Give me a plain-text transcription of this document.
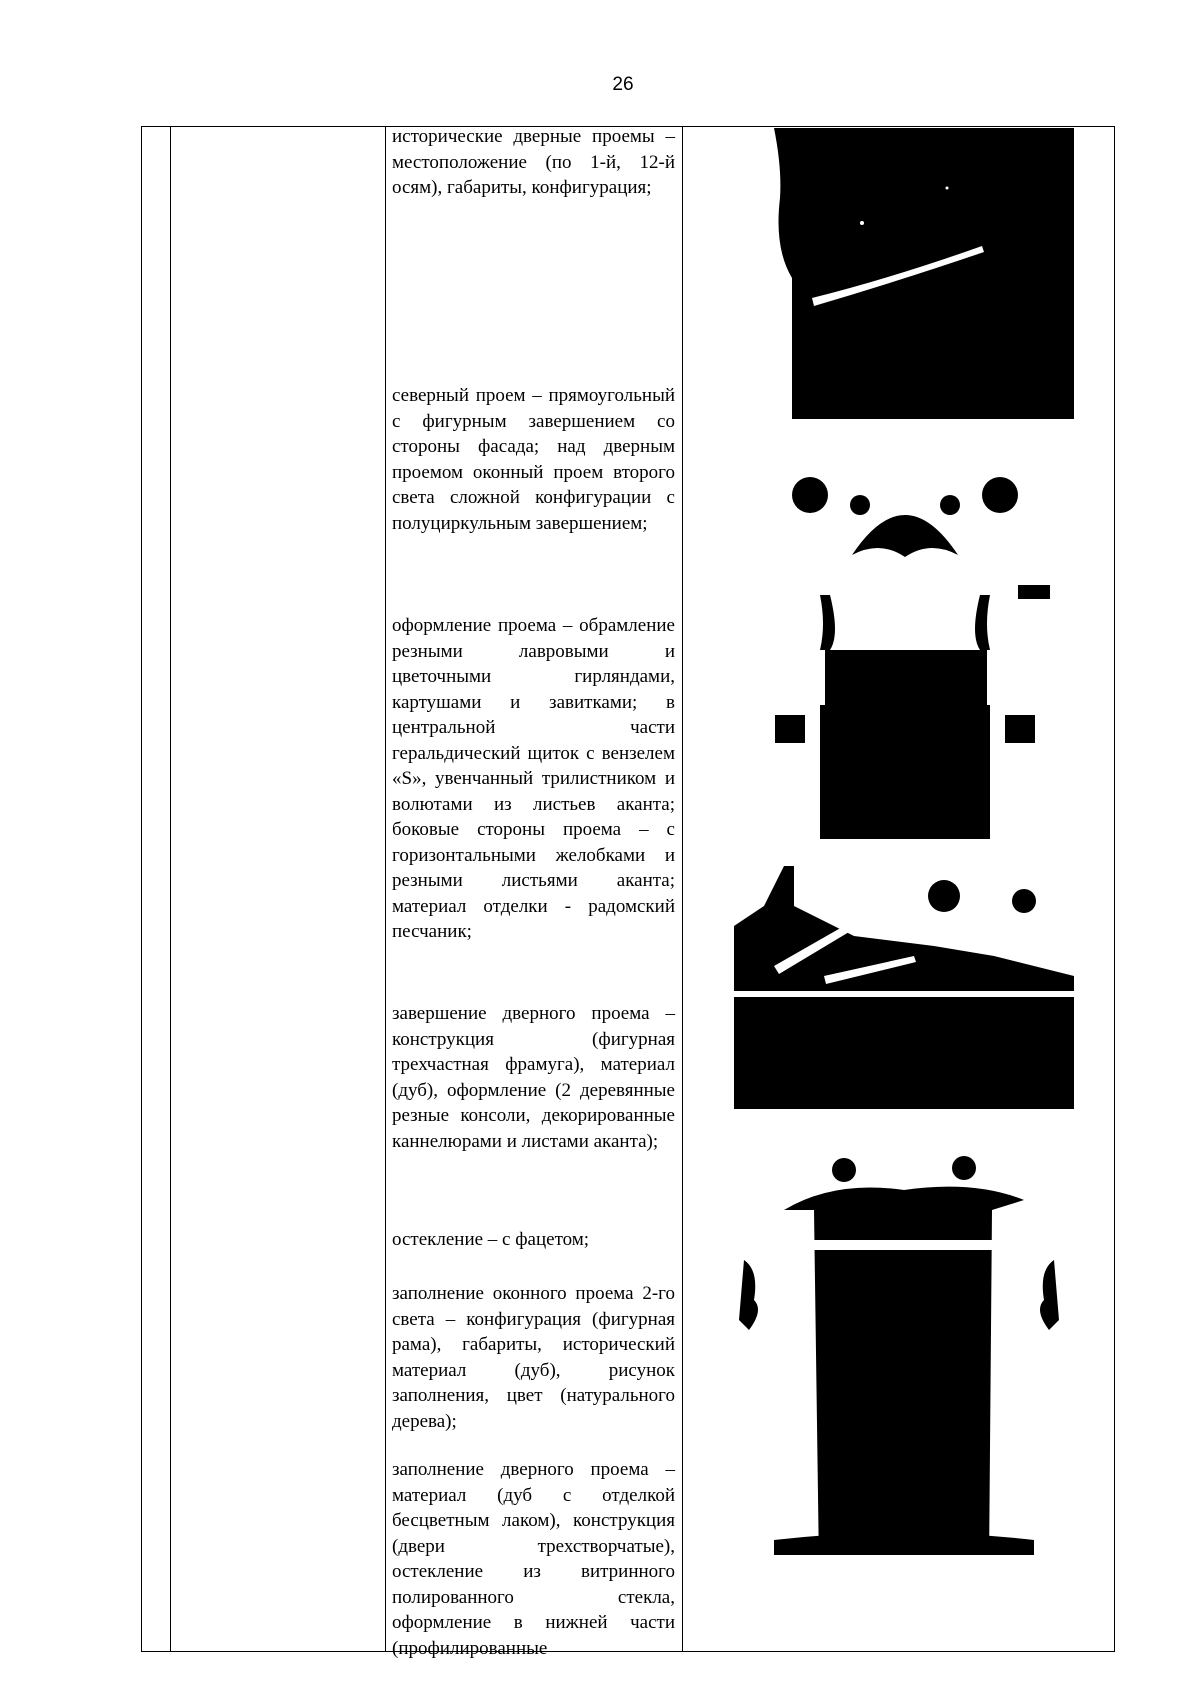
26

исторические дверные проемы – местоположение (по 1-й, 12-й осям), габариты, конфигурация;

северный проем – прямоугольный с фигурным завершением со стороны фасада; над дверным проемом оконный проем второго света сложной конфигурации с полуциркульным завершением;

оформление проема – обрамление резными лавровыми и цветочными гирляндами, картушами и завитками; в центральной части геральдический щиток с вензелем «S», увенчанный трилистником и волютами из листьев аканта; боковые стороны проема – с горизонтальными желобками и резными листьями аканта; материал отделки - радомский песчаник;

завершение дверного проема –конструкция (фигурная трехчастная фрамуга), материал (дуб), оформление (2 деревянные резные консоли, декорированные каннелюрами и листами аканта);

остекление – с фацетом;

заполнение оконного проема 2-го света – конфигурация (фигурная рама), габариты, исторический материал (дуб), рисунок заполнения, цвет (натурального дерева);

заполнение дверного проема – материал (дуб с отделкой бесцветным лаком), конструкция (двери трехстворчатые), остекление из витринного полированного стекла, оформление в нижней части (профилированные
